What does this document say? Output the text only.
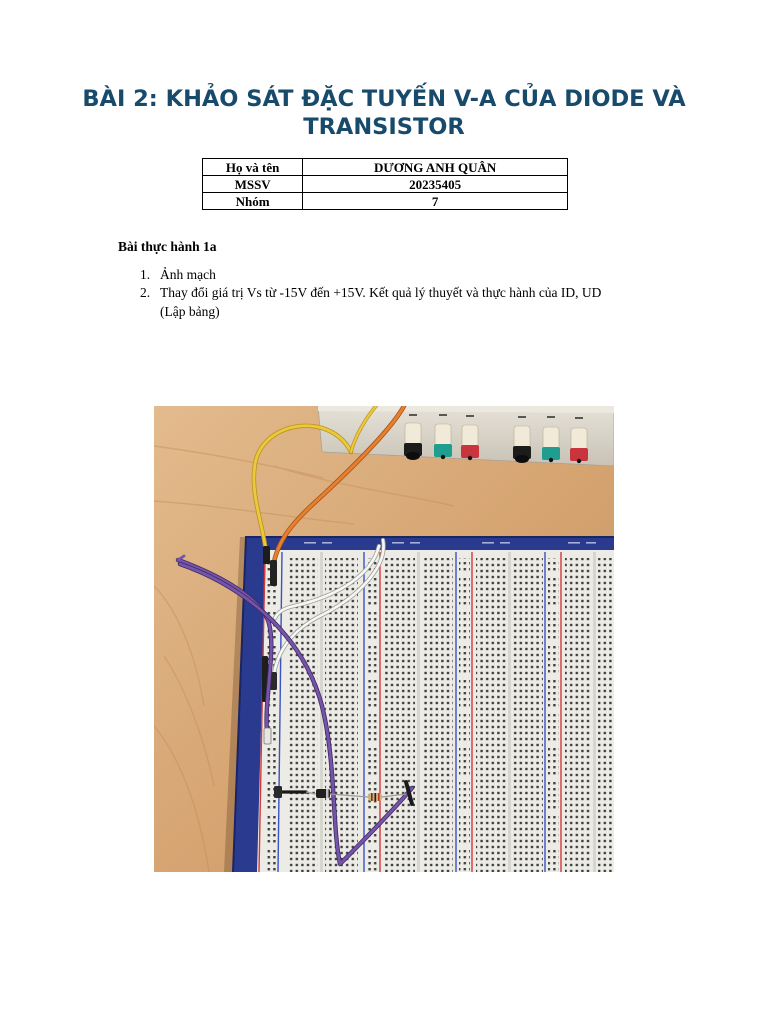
BÀI 2: KHẢO SÁT ĐẶC TUYẾN V-A CỦA DIODE VÀ TRANSISTOR
Họ và tên	DƯƠNG ANH QUÂN
MSSV	20235405
Nhóm	7
Bài thực hành 1a
1. Ảnh mạch
2. Thay đổi giá trị Vs từ -15V đến +15V. Kết quả lý thuyết và thực hành của ID, UD (Lập bảng)
